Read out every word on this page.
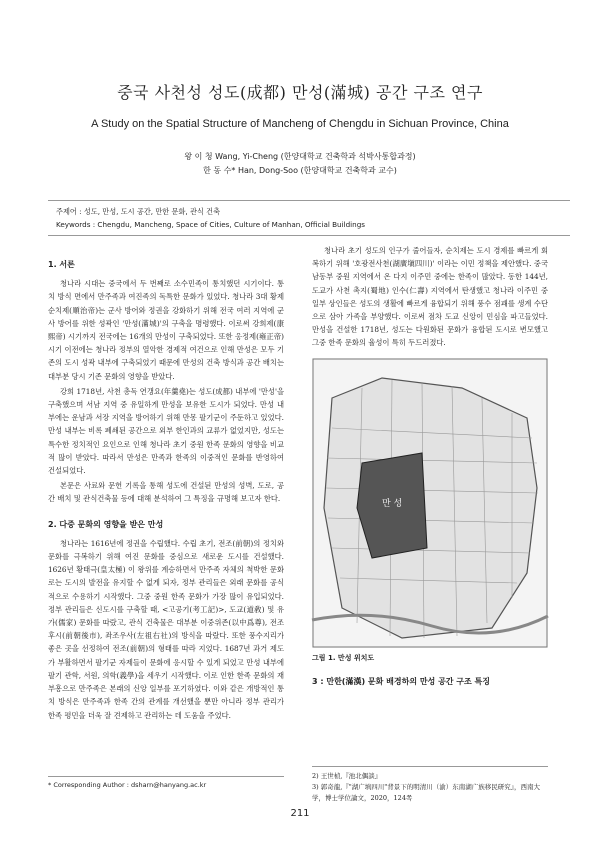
중국 사천성 성도(成都) 만성(滿城) 공간 구조 연구
A Study on the Spatial Structure of Mancheng of Chengdu in Sichuan Province, China
왕 이 청 Wang, Yi-Cheng (한양대학교 건축학과 석박사통합과정)
한 동 수* Han, Dong-Soo (한양대학교 건축학과 교수)
주제어 : 성도, 만성, 도시 공간, 만한 문화, 관식 건축
Keywords : Chengdu, Mancheng, Space of Cities, Culture of Manhan, Official Buildings
1. 서론

청나라 시대는 중국에서 두 번째로 소수민족이 통치했던 시기이다. 통치 방식 면에서 만주족과 여진족의 독특한 문화가 있었다. 청나라 3대 황제 순치제(順治帝)는 군사 방어와 정권을 강화하기 위해 전국 여러 지역에 군사 방어를 위한 성곽인 '만성(滿城)'의 구축을 명령했다. 이로써 강희제(康熙帝) 시기까지 전국에는 16개의 만성이 구축되었다. 또한 옹정제(雍正帝) 시기 이전에는 청나라 정부의 열악한 경제적 여건으로 인해 만성은 모두 기존의 도시 성곽 내부에 구축되었기 때문에 만성의 건축 방식과 공간 배치는 대부분 당시 기존 문화의 영향을 받았다.

강희 1718년, 사천 총독 연갱요(年羹堯)는 성도(成都) 내부에 '만성'을 구축했으며 서남 지역 중 유일하게 만성을 보유한 도시가 되었다. 만성 내부에는 운남과 서장 지역을 방어하기 위해 만몽 팔기군이 주둔하고 있었다. 만성 내부는 비록 폐쇄된 공간으로 외부 한인과의 교류가 없었지만, 성도는 특수한 정치적인 요인으로 인해 청나라 초기 중원 한족 문화의 영향을 비교적 많이 받았다. 따라서 만성은 만족과 한족의 이중적인 문화를 반영하여 건설되었다.

본문은 사료와 문헌 기록을 통해 성도에 건설된 만성의 성벽, 도로, 공간 배치 및 관식건축물 등에 대해 분석하여 그 특징을 규명해 보고자 한다.

2. 다중 문화의 영향을 받은 만성

청나라는 1616년에 정권을 수립했다. 수립 초기, 전조(前朝)의 정치와 문화를 극복하기 위해 여진 문화를 중심으로 새로운 도시를 건설했다. 1626년 황태극(皇太極) 이 왕위를 계승하면서 만주족 자체의 척박한 문화로는 도시의 발전을 유지할 수 없게 되자, 정부 관리들은 외래 문화를 공식적으로 수용하기 시작했다. 그중 중원 한족 문화가 가장 많이 유입되었다. 정부 관리들은 신도시를 구축할 때, <고공기(考工記)>, 도교(道敎) 및 유가(儒家) 문화를 따랐고, 관식 건축물은 대부분 이중위존(以中爲尊), 전조후시(前朝後市), 좌조우사(左祖右社)의 방식을 따랐다. 또한 풍수지리가 좋은 곳을 선정하여 전조(前朝)의 형태를 따라 지었다. 1687년 과거 제도가 부활하면서 팔기군 자제들이 문화에 응시할 수 있게 되었고 만성 내부에 팔기 관학, 서원, 의학(義學)을 세우기 시작했다. 이로 인한 한족 문화의 재부흥으로 만주족은 본래의 신앙 일부를 포기하였다. 이와 같은 개방적인 통치 방식은 만주족과 한족 간의 관계를 개선했을 뿐만 아니라 정부 관리가 한족 평민을 더욱 잘 견제하고 관리하는 데 도움을 주었다.

청나라 초기 성도의 인구가 줄어들자, 순치제는 도시 경제를 빠르게 회복하기 위해 '호광전사천(湖廣塡四川)' 이라는 이민 정책을 제안했다. 중국 남동부 중원 지역에서 온 다지 이주민 중에는 한족이 많았다. 동한 144년, 도교가 사천 촉지(蜀地) 인수(仁壽) 지역에서 탄생했고 청나라 이주민 중 일부 상인들은 성도의 생활에 빠르게 융합되기 위해 풍수 점괘를 생계 수단으로 삼아 가족을 부양했다. 이로써 점차 도교 신앙이 민심을 파고들었다. 만성을 건설한 1718년, 성도는 다원화된 문화가 융합된 도시로 변모했고 그중 한족 문화의 율성이 특히 두드러졌다.

만 성
그림 1. 만성 위치도
3 : 만한(滿漢) 문화 배경하의 만성 공간 구조 특징
2) 王世楨,『池北偶談』
3) 郭奇龍,『"湖广填四川"背景下的明清川（渝）东南湖广族移民研究』，西南大学，博士学位論文，2020，124쪽
* Corresponding Author : dsharn@hanyang.ac.kr
211
